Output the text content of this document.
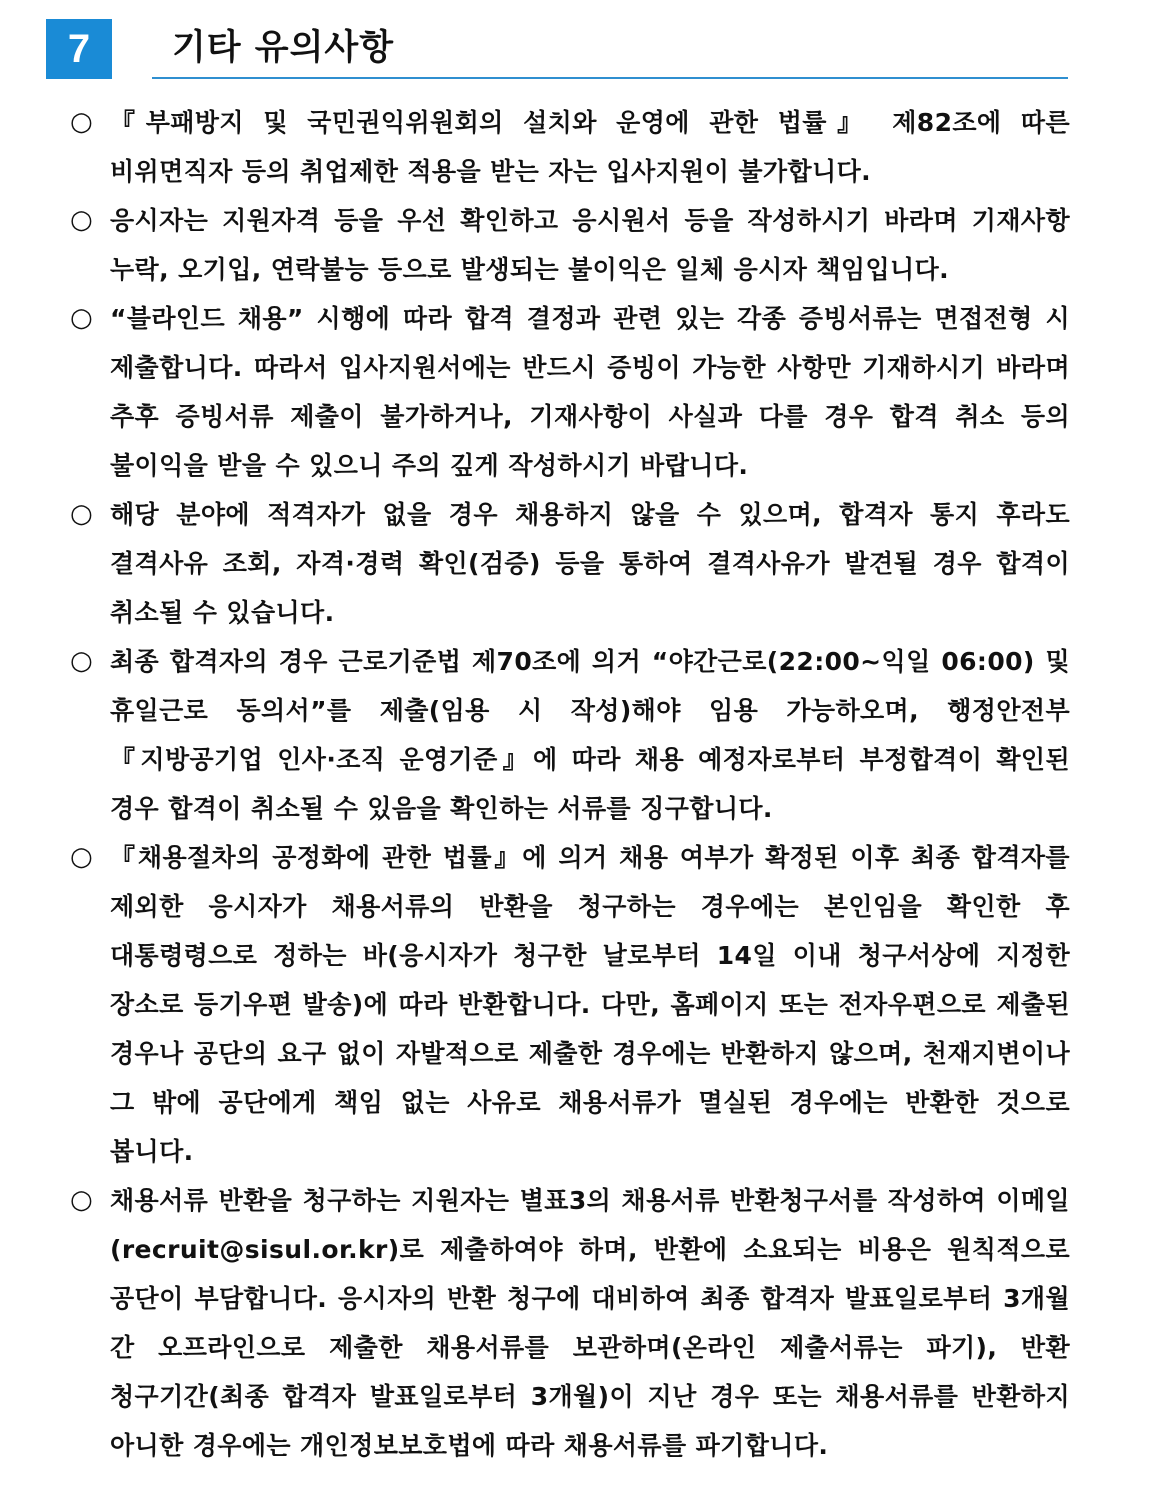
7	기타 유의사항
○ 『부패방지 및 국민권익위원회의 설치와 운영에 관한 법률』 제82조에 따른 비위면직자 등의 취업제한 적용을 받는 자는 입사지원이 불가합니다.
○ 응시자는 지원자격 등을 우선 확인하고 응시원서 등을 작성하시기 바라며 기재사항 누락, 오기입, 연락불능 등으로 발생되는 불이익은 일체 응시자 책임입니다.
○ “블라인드 채용” 시행에 따라 합격 결정과 관련 있는 각종 증빙서류는 면접전형 시 제출합니다. 따라서 입사지원서에는 반드시 증빙이 가능한 사항만 기재하시기 바라며 추후 증빙서류 제출이 불가하거나, 기재사항이 사실과 다를 경우 합격 취소 등의 불이익을 받을 수 있으니 주의 깊게 작성하시기 바랍니다.
○ 해당 분야에 적격자가 없을 경우 채용하지 않을 수 있으며, 합격자 통지 후라도 결격사유 조회, 자격·경력 확인(검증) 등을 통하여 결격사유가 발견될 경우 합격이 취소될 수 있습니다.
○ 최종 합격자의 경우 근로기준법 제70조에 의거 “야간근로(22:00~익일 06:00) 및 휴일근로 동의서”를 제출(임용 시 작성)해야 임용 가능하오며, 행정안전부 『지방공기업 인사·조직 운영기준』에 따라 채용 예정자로부터 부정합격이 확인된 경우 합격이 취소될 수 있음을 확인하는 서류를 징구합니다.
○ 『채용절차의 공정화에 관한 법률』에 의거 채용 여부가 확정된 이후 최종 합격자를 제외한 응시자가 채용서류의 반환을 청구하는 경우에는 본인임을 확인한 후 대통령령으로 정하는 바(응시자가 청구한 날로부터 14일 이내 청구서상에 지정한 장소로 등기우편 발송)에 따라 반환합니다. 다만, 홈페이지 또는 전자우편으로 제출된 경우나 공단의 요구 없이 자발적으로 제출한 경우에는 반환하지 않으며, 천재지변이나 그 밖에 공단에게 책임 없는 사유로 채용서류가 멸실된 경우에는 반환한 것으로 봅니다.
○ 채용서류 반환을 청구하는 지원자는 별표3의 채용서류 반환청구서를 작성하여 이메일(recruit@sisul.or.kr)로 제출하여야 하며, 반환에 소요되는 비용은 원칙적으로 공단이 부담합니다. 응시자의 반환 청구에 대비하여 최종 합격자 발표일로부터 3개월 간 오프라인으로 제출한 채용서류를 보관하며(온라인 제출서류는 파기), 반환 청구기간(최종 합격자 발표일로부터 3개월)이 지난 경우 또는 채용서류를 반환하지 아니한 경우에는 개인정보보호법에 따라 채용서류를 파기합니다.
